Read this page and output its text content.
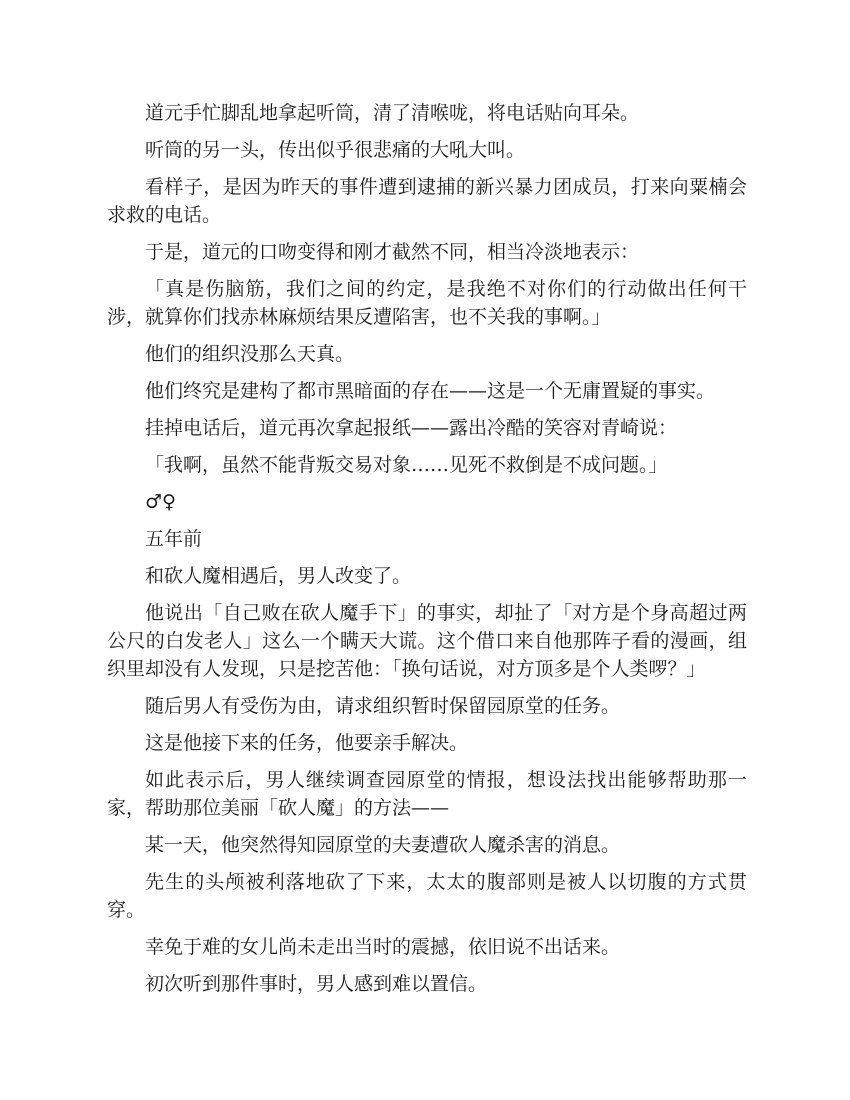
道元手忙脚乱地拿起听筒，清了清喉咙，将电话贴向耳朵。

听筒的另一头，传出似乎很悲痛的大吼大叫。

看样子，是因为昨天的事件遭到逮捕的新兴暴力团成员，打来向粟楠会求救的电话。

于是，道元的口吻变得和刚才截然不同，相当冷淡地表示：

「真是伤脑筋，我们之间的约定，是我绝不对你们的行动做出任何干涉，就算你们找赤林麻烦结果反遭陷害，也不关我的事啊。」

他们的组织没那么天真。

他们终究是建构了都市黑暗面的存在——这是一个无庸置疑的事实。

挂掉电话后，道元再次拿起报纸——露出冷酷的笑容对青崎说：

「我啊，虽然不能背叛交易对象……见死不救倒是不成问题。」

♂♀

五年前

和砍人魔相遇后，男人改变了。

他说出「自己败在砍人魔手下」的事实，却扯了「对方是个身高超过两公尺的白发老人」这么一个瞒天大谎。这个借口来自他那阵子看的漫画，组织里却没有人发现，只是挖苦他：「换句话说，对方顶多是个人类啰？」

随后男人有受伤为由，请求组织暂时保留园原堂的任务。

这是他接下来的任务，他要亲手解决。

如此表示后，男人继续调查园原堂的情报，想设法找出能够帮助那一家，帮助那位美丽「砍人魔」的方法——

某一天，他突然得知园原堂的夫妻遭砍人魔杀害的消息。

先生的头颅被利落地砍了下来，太太的腹部则是被人以切腹的方式贯穿。

幸免于难的女儿尚未走出当时的震撼，依旧说不出话来。

初次听到那件事时，男人感到难以置信。
